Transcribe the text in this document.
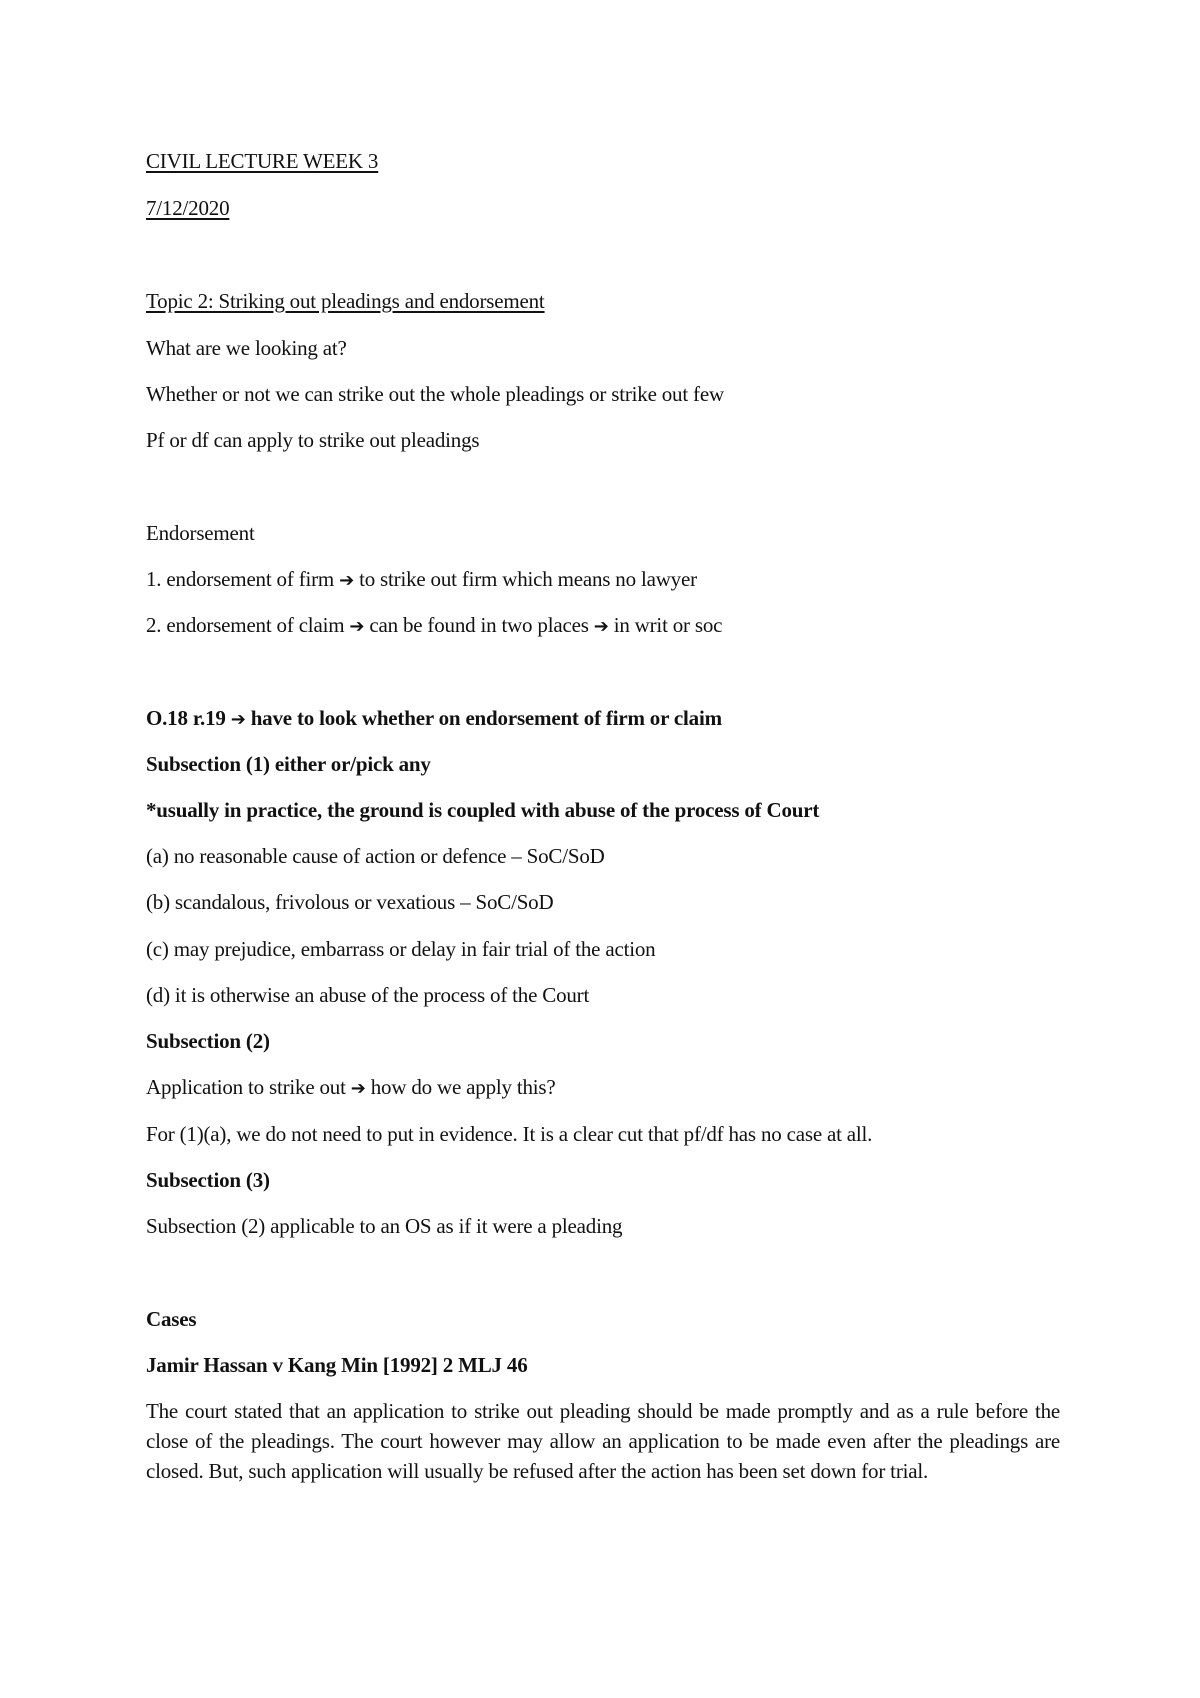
CIVIL LECTURE WEEK 3
7/12/2020
Topic 2: Striking out pleadings and endorsement
What are we looking at?
Whether or not we can strike out the whole pleadings or strike out few
Pf or df can apply to strike out pleadings
Endorsement
1. endorsement of firm ➔ to strike out firm which means no lawyer
2. endorsement of claim ➔ can be found in two places ➔ in writ or soc
O.18 r.19 ➔ have to look whether on endorsement of firm or claim
Subsection (1) either or/pick any
*usually in practice, the ground is coupled with abuse of the process of Court
(a) no reasonable cause of action or defence – SoC/SoD
(b) scandalous, frivolous or vexatious – SoC/SoD
(c) may prejudice, embarrass or delay in fair trial of the action
(d) it is otherwise an abuse of the process of the Court
Subsection (2)
Application to strike out ➔ how do we apply this?
For (1)(a), we do not need to put in evidence. It is a clear cut that pf/df has no case at all.
Subsection (3)
Subsection (2) applicable to an OS as if it were a pleading
Cases
Jamir Hassan v Kang Min [1992] 2 MLJ 46
The court stated that an application to strike out pleading should be made promptly and as a rule before the close of the pleadings. The court however may allow an application to be made even after the pleadings are closed. But, such application will usually be refused after the action has been set down for trial.
